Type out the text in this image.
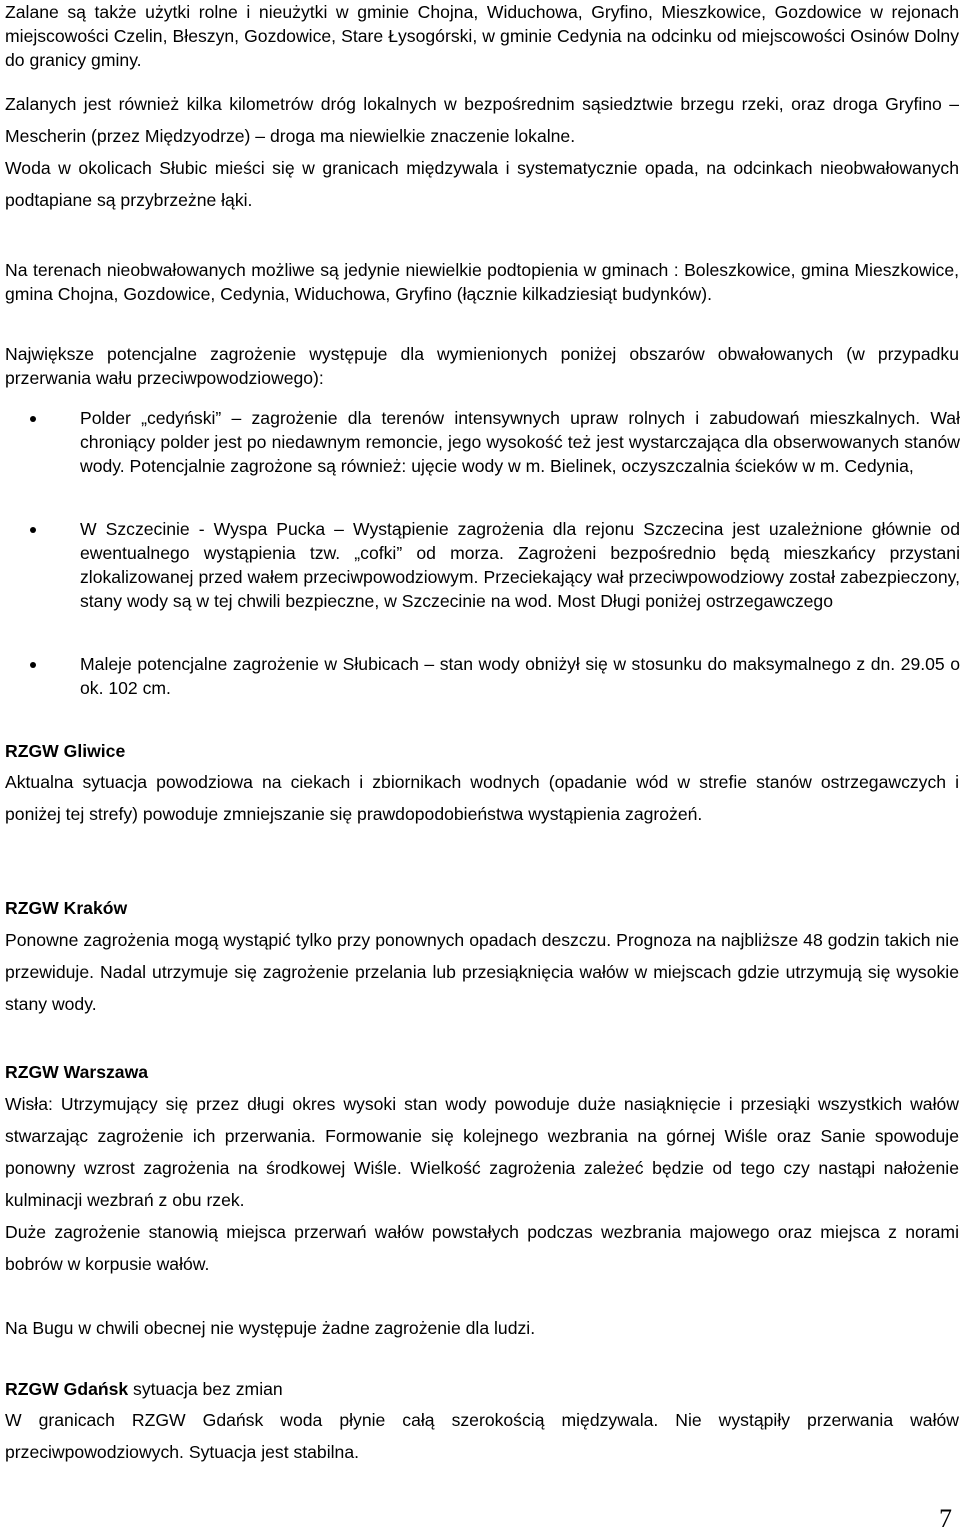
Zalane są także użytki rolne i nieużytki w gminie Chojna, Widuchowa, Gryfino, Mieszkowice, Gozdowice w rejonach miejscowości Czelin, Błeszyn, Gozdowice, Stare Łysogórski, w gminie Cedynia na odcinku od miejscowości Osinów Dolny do granicy gminy.

Zalanych jest również kilka kilometrów dróg lokalnych w bezpośrednim sąsiedztwie brzegu rzeki, oraz droga Gryfino – Mescherin (przez Międzyodrze) – droga ma niewielkie znaczenie lokalne.

Woda w okolicach Słubic mieści się w granicach międzywala i systematycznie opada, na odcinkach nieobwałowanych podtapiane są przybrzeżne łąki.

Na terenach nieobwałowanych możliwe są jedynie niewielkie podtopienia w gminach : Boleszkowice, gmina Mieszkowice, gmina Chojna, Gozdowice, Cedynia, Widuchowa, Gryfino (łącznie kilkadziesiąt budynków).

Największe potencjalne zagrożenie występuje dla wymienionych poniżej obszarów obwałowanych (w przypadku przerwania wału przeciwpowodziowego):

Polder „cedyński” – zagrożenie dla terenów intensywnych upraw rolnych i zabudowań mieszkalnych. Wał chroniący polder jest po niedawnym remoncie, jego wysokość też jest wystarczająca dla obserwowanych stanów wody. Potencjalnie zagrożone są również: ujęcie wody w m. Bielinek, oczyszczalnia ścieków w m. Cedynia,

W Szczecinie - Wyspa Pucka – Wystąpienie zagrożenia dla rejonu Szczecina jest uzależnione głównie od ewentualnego wystąpienia tzw. „cofki” od morza. Zagrożeni bezpośrednio będą mieszkańcy przystani zlokalizowanej przed wałem przeciwpowodziowym. Przeciekający wał przeciwpowodziowy został zabezpieczony, stany wody są w tej chwili bezpieczne, w Szczecinie na wod. Most Długi poniżej ostrzegawczego

Maleje potencjalne zagrożenie w Słubicach – stan wody obniżył się w stosunku do maksymalnego z dn. 29.05 o ok. 102 cm.

RZGW Gliwice

Aktualna sytuacja powodziowa na ciekach i zbiornikach wodnych (opadanie wód w strefie stanów ostrzegawczych i poniżej tej strefy) powoduje zmniejszanie się prawdopodobieństwa wystąpienia zagrożeń.

RZGW Kraków

Ponowne zagrożenia mogą wystąpić tylko przy ponownych opadach deszczu. Prognoza na najbliższe 48 godzin takich nie przewiduje. Nadal utrzymuje się zagrożenie przelania lub przesiąknięcia wałów w miejscach gdzie utrzymują się wysokie stany wody.

RZGW Warszawa

Wisła: Utrzymujący się przez długi okres wysoki stan wody powoduje duże nasiąknięcie i przesiąki wszystkich wałów stwarzając zagrożenie ich przerwania. Formowanie się kolejnego wezbrania na górnej Wiśle oraz Sanie spowoduje ponowny wzrost zagrożenia na środkowej Wiśle. Wielkość zagrożenia zależeć będzie od tego czy nastąpi nałożenie kulminacji wezbrań z obu rzek.

Duże zagrożenie stanowią miejsca przerwań wałów powstałych podczas wezbrania majowego oraz miejsca z norami bobrów w korpusie wałów.

Na Bugu w chwili obecnej nie występuje żadne zagrożenie dla ludzi.

RZGW Gdańsk sytuacja bez zmian

W granicach RZGW Gdańsk woda płynie całą szerokością międzywala. Nie wystąpiły przerwania wałów przeciwpowodziowych. Sytuacja jest stabilna.

7
